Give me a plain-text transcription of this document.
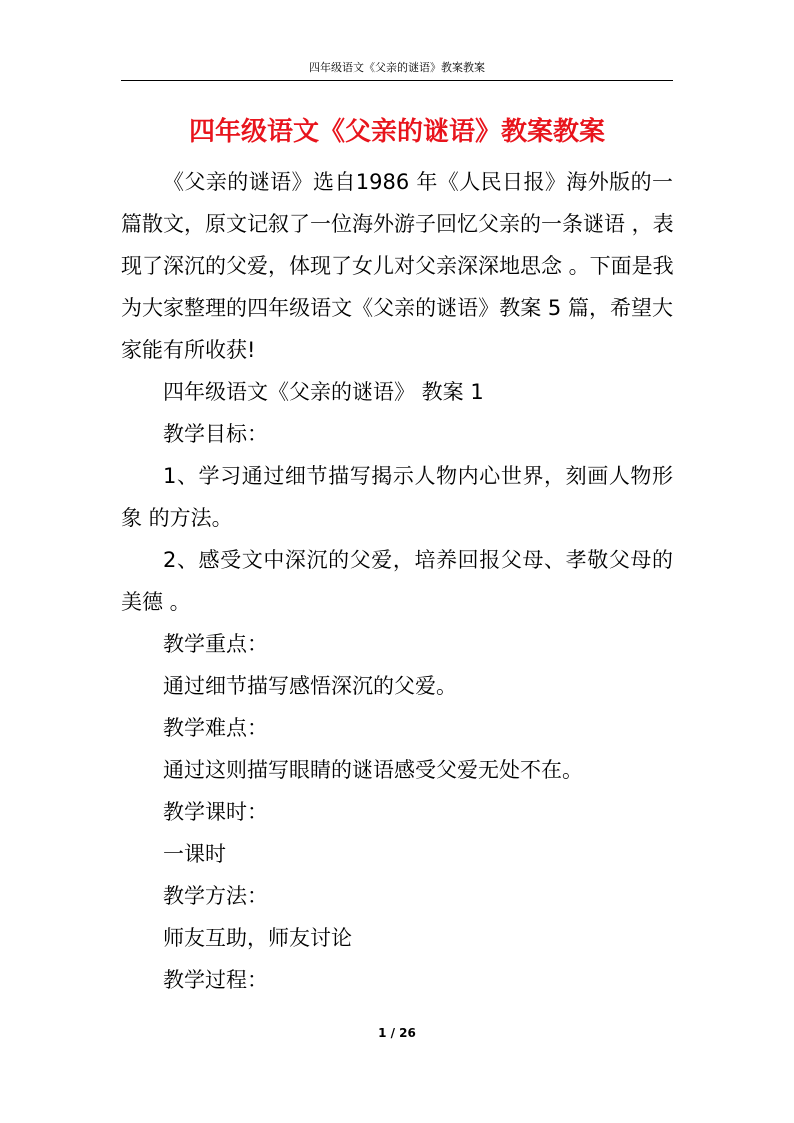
四年级语文《父亲的谜语》教案教案
四年级语文《父亲的谜语》教案教案
《父亲的谜语》选自1986 年《人民日报》海外版的一
篇散文，原文记叙了一位海外游子回忆父亲的一条谜语 ，表
现了深沉的父爱，体现了女儿对父亲深深地思念 。下面是我
为大家整理的四年级语文《父亲的谜语》教案 5 篇，希望大
家能有所收获!
四年级语文《父亲的谜语》 教案 1
教学目标：
1、学习通过细节描写揭示人物内心世界，刻画人物形
象 的方法。
2、感受文中深沉的父爱，培养回报父母、孝敬父母的
美德 。
教学重点：
通过细节描写感悟深沉的父爱。
教学难点：
通过这则描写眼睛的谜语感受父爱无处不在。
教学课时：
一课时
教学方法：
师友互助，师友讨论
教学过程：
1 / 26
